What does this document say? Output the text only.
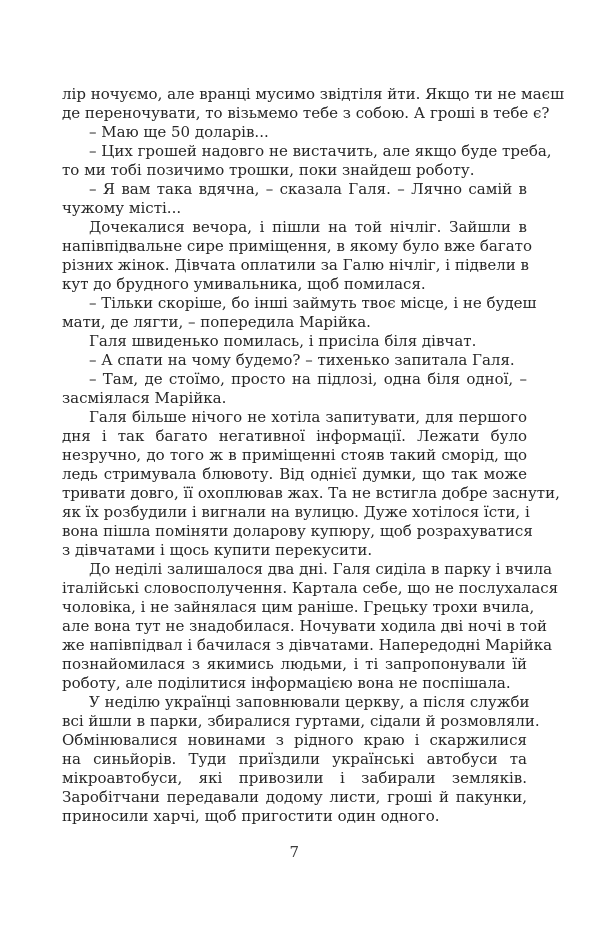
лір ночуємо, але вранці мусимо звідтіля йти. Якщо ти не маєш
де переночувати, то візьмемо тебе з собою. А гроші в тебе є?
– Маю ще 50 доларів...
– Цих грошей надовго не вистачить, але якщо буде треба,
то ми тобі позичимо трошки, поки знайдеш роботу.
– Я вам така вдячна, – сказала Галя. – Лячно самій в
чужому місті...
Дочекалися вечора, і пішли на той нічліг. Зайшли в
напівпідвальне сире приміщення, в якому було вже багато
різних жінок. Дівчата оплатили за Галю нічліг, і підвели в
кут до брудного умивальника, щоб помилася.
– Тільки скоріше, бо інші займуть твоє місце, і не будеш
мати, де лягти, – попередила Марійка.
Галя швиденько помилась, і присіла біля дівчат.
– А спати на чому будемо? – тихенько запитала Галя.
– Там, де стоїмо, просто на підлозі, одна біля одної, –
засміялася Марійка.
Галя більше нічого не хотіла запитувати, для першого
дня і так багато негативної інформації. Лежати було
незручно, до того ж в приміщенні стояв такий сморід, що
ледь стримувала блювоту. Від однієї думки, що так може
тривати довго, її охоплював жах. Та не встигла добре заснути,
як їх розбудили і вигнали на вулицю. Дуже хотілося їсти, і
вона пішла поміняти доларову купюру, щоб розрахуватися
з дівчатами і щось купити перекусити.
До неділі залишалося два дні. Галя сиділа в парку і вчила
італійські словосполучення. Картала себе, що не послухалася
чоловіка, і не зайнялася цим раніше. Грецьку трохи вчила,
але вона тут не знадобилася. Ночувати ходила дві ночі в той
же напівпідвал і бачилася з дівчатами. Напередодні Марійка
познайомилася з якимись людьми, і ті запропонували їй
роботу, але поділитися інформацією вона не поспішала.
У неділю українці заповнювали церкву, а після служби
всі йшли в парки, збиралися гуртами, сідали й розмовляли.
Обмінювалися новинами з рідного краю і скаржилися
на синьйорів. Туди приїздили українські автобуси та
мікроавтобуси, які привозили і забирали земляків.
Заробітчани передавали додому листи, гроші й пакунки,
приносили харчі, щоб пригостити один одного.
7
